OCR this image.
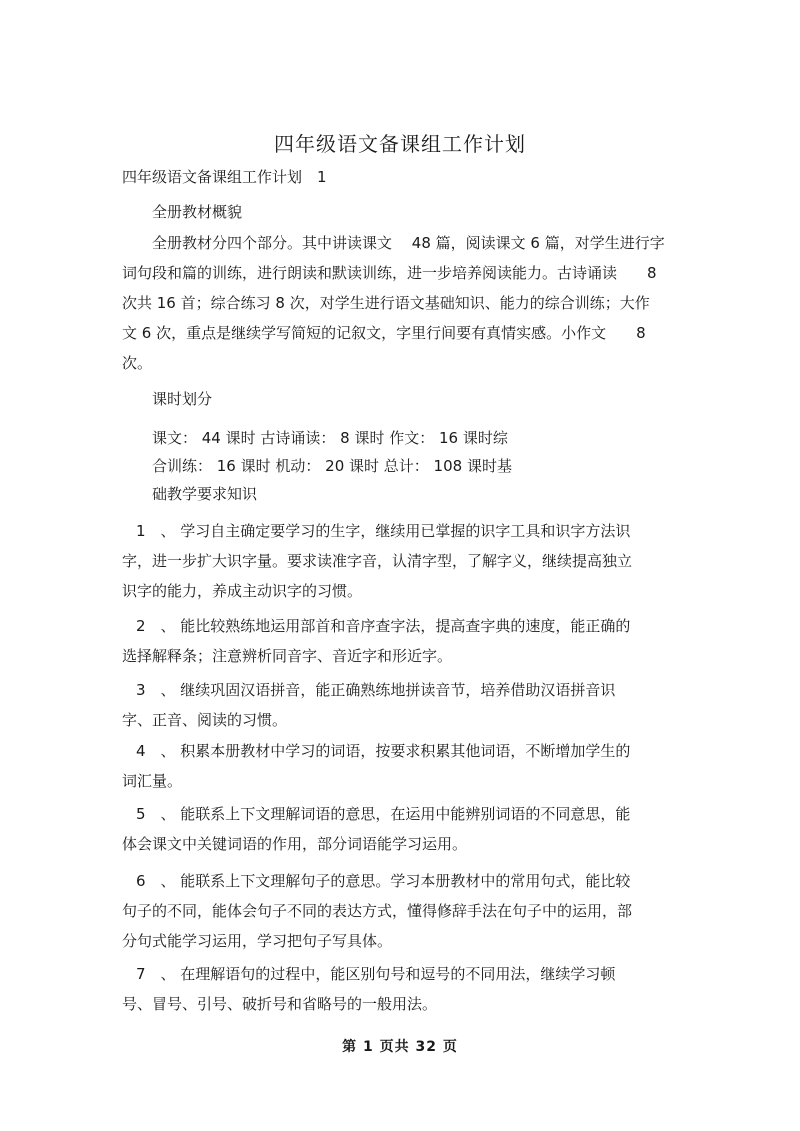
四年级语文备课组工作计划
四年级语文备课组工作计划　1
全册教材概貌
全册教材分四个部分。其中讲读课文　 48 篇，阅读课文 6 篇，对学生进行字
词句段和篇的训练，进行朗读和默读训练，进一步培养阅读能力。古诗诵读　　8
次共 16 首；综合练习 8 次，对学生进行语文基础知识、能力的综合训练；大作
文 6 次，重点是继续学写简短的记叙文，字里行间要有真情实感。小作文　　8
次。
课时划分
课文： 44 课时 古诗诵读： 8 课时 作文： 16 课时综
合训练： 16 课时 机动： 20 课时 总计： 108 课时基
础教学要求知识
1　、 学习自主确定要学习的生字，继续用已掌握的识字工具和识字方法识
字，进一步扩大识字量。要求读准字音，认清字型，了解字义，继续提高独立
识字的能力，养成主动识字的习惯。
2　、 能比较熟练地运用部首和音序查字法，提高查字典的速度，能正确的
选择解释条；注意辨析同音字、音近字和形近字。
3　、 继续巩固汉语拼音，能正确熟练地拼读音节，培养借助汉语拼音识
字、正音、阅读的习惯。
4　、 积累本册教材中学习的词语，按要求积累其他词语，不断增加学生的
词汇量。
5　、 能联系上下文理解词语的意思，在运用中能辨别词语的不同意思，能
体会课文中关键词语的作用，部分词语能学习运用。
6　、 能联系上下文理解句子的意思。学习本册教材中的常用句式，能比较
句子的不同，能体会句子不同的表达方式，懂得修辞手法在句子中的运用，部
分句式能学习运用，学习把句子写具体。
7　、 在理解语句的过程中，能区别句号和逗号的不同用法，继续学习顿
号、冒号、引号、破折号和省略号的一般用法。
第 1 页共 32 页
